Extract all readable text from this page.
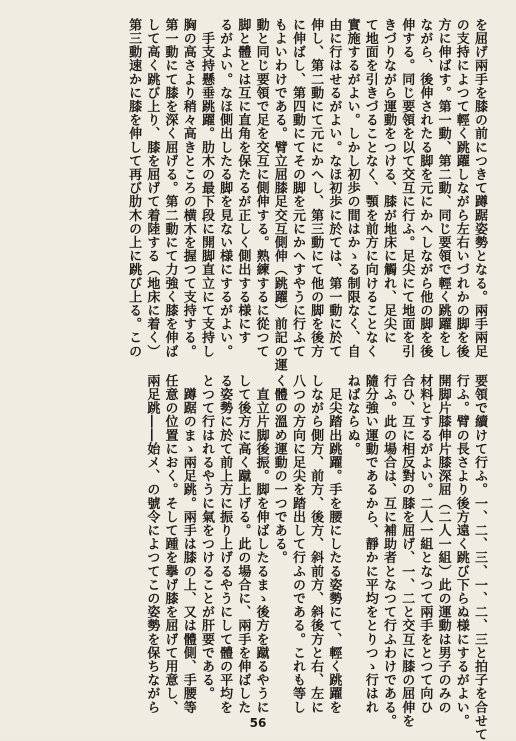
を屈げ兩手を膝の前につきて蹲踞姿勢となる。兩手兩足
の支持によつて輕く跳躍しながら左右いづれかの脚を後
方に伸ばす。第一動、第二動、同じ要領で輕く跳躍をし
ながら、後伸されたる脚を元にかへしながら他の脚を後
伸する。同じ要領を以て交互に行ふ。足尖にて地面を引
きづりながら運動をつける、膝が地床に觸れ、足尖に
て地面を引きづることなく、顎を前方に向けることなく
實施するがよい。しかし初歩の間はかゝる制限なく、自
由に行はせるがよい。なほ初歩に於ては、第一動に於て
伸し、第二動にて元にかへし、第三動にて他の脚を後方
に伸ばし、第四動にてその脚を元にかへすやうに行ふて
もよいわけである。臂立屈膝足交互側伸（跳躍）前記の運
動と同じ要領で足を交互に側伸する。熟練するに從つて
脚と體とは互に直角を保たるが正しく側出する様にす
るがよい。なほ側出したる脚を見ない様にするがよい。
　手支持懸垂跳躍。肋木の最下段に開脚直立にて支持し
胸の高さより稍々高きところの横木を握つて支持する。
第一動にて膝を深く屈げる。第二動にて力強く膝を伸ば
して高く跳び上り、膝を屈げて着陸する（地床に着く）
第三動速かに膝を伸して再び肋木の上に跳び上る。この
要領で續けて行ふ。一、二、三、一、二、三と拍子を合せて
行ふ。臂の長さより後方遠く跳び下らぬ様にするがよい。
開脚片膝伸片膝深屈（二人一組）此の運動は男子のみの
材料とするがよい。二人一組となつて兩手をとつて向ひ
合ひ、互に相反對の膝を屈げ、一、二と交互に膝の屈伸を
行ふ。此の場合は、互に補助者となつて行ふわけである。
隨分強い運動であるから、靜かに平均をとりつゝ行はれ
ねばならぬ。
　足尖踏出跳躍。手を腰にしたる姿勢にて、輕く跳躍を
しながら側方、前方、後方、斜前方、斜後方と右、左に
八つの方向に足尖を踏出して行ふのである。これも等し
く體の溫め運動の一つである。
　直立片脚後振。脚を伸ばしたるまゝ後方を蹴るやうに
して後方に高く蹴上げる。此の場合に、兩手を伸ばした
る姿勢に於て前上方に振り上げるやうにして體の平均を
とつて行はれるやうに氣をつけることが肝要である。
　蹲踞のまゝ兩足跳。兩手は膝の上、又は體側、手腰等
任意の位置におく。そして踵を擧げ膝を屈げて用意し、
兩足跳――始メ、の號令によつてこの姿勢を保ちながら
56
